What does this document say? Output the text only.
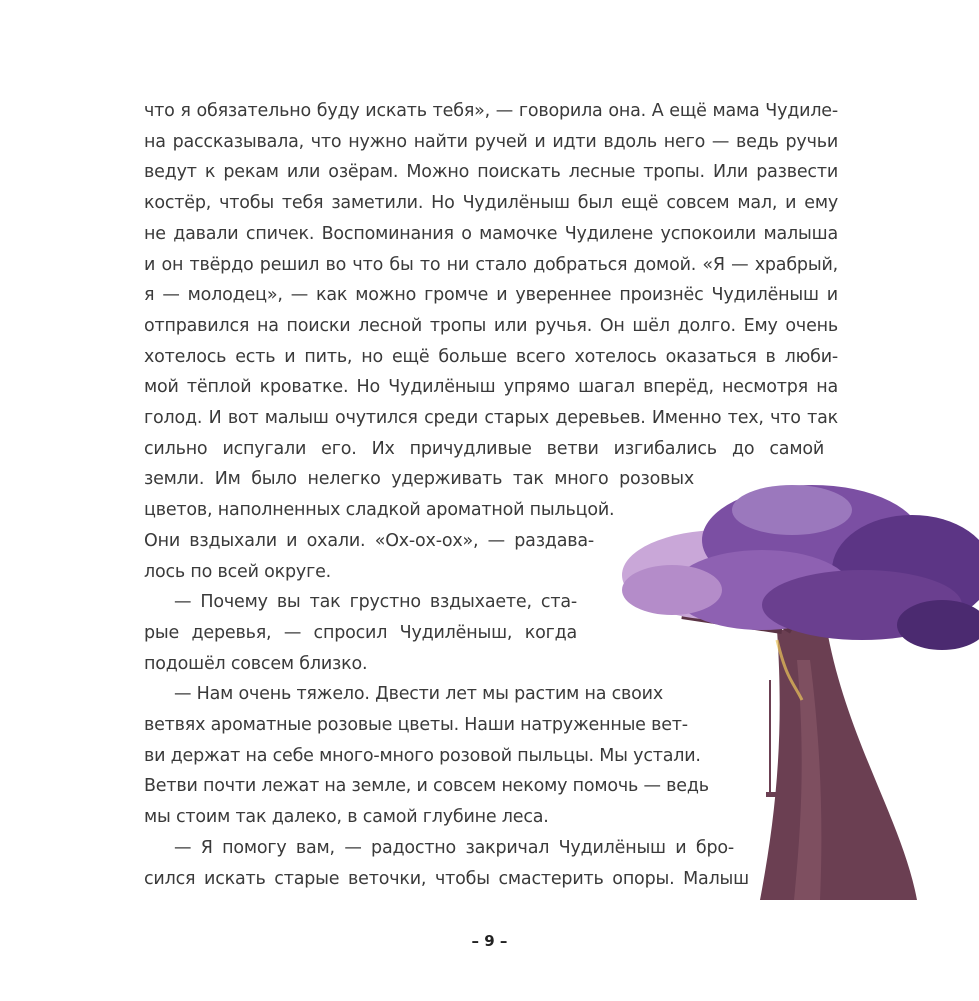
что я обязательно буду искать тебя», — говорила она. А ещё мама Чудиле-
на рассказывала, что нужно найти ручей и идти вдоль него — ведь ручьи
ведут к рекам или озёрам. Можно поискать лесные тропы. Или развести
костёр, чтобы тебя заметили. Но Чудилёныш был ещё совсем мал, и ему
не давали спичек. Воспоминания о мамочке Чудилене успокоили малыша
и он твёрдо решил во что бы то ни стало добраться домой. «Я — храбрый,
я — молодец», — как можно громче и увереннее произнёс Чудилёныш и
отправился на поиски лесной тропы или ручья. Он шёл долго. Ему очень
хотелось есть и пить, но ещё больше всего хотелось оказаться в люби-
мой тёплой кроватке. Но Чудилёныш упрямо шагал вперёд, несмотря на
голод. И вот малыш очутился среди старых деревьев. Именно тех, что так
сильно испугали его. Их причудливые ветви изгибались до самой
земли. Им было нелегко удерживать так много розовых
цветов, наполненных сладкой ароматной пыльцой.
Они вздыхали и охали. «Ох-ох-ох», — раздава-
лось по всей округе.
— Почему вы так грустно вздыхаете, ста-
рые деревья, — спросил Чудилёныш, когда
подошёл совсем близко.
— Нам очень тяжело. Двести лет мы растим на своих
ветвях ароматные розовые цветы. Наши натруженные вет-
ви держат на себе много-много розовой пыльцы. Мы устали.
Ветви почти лежат на земле, и совсем некому помочь — ведь
мы стоим так далеко, в самой глубине леса.
— Я помогу вам, — радостно закричал Чудилёныш и бро-
сился искать старые веточки, чтобы смастерить опоры. Малыш
– 9 –
